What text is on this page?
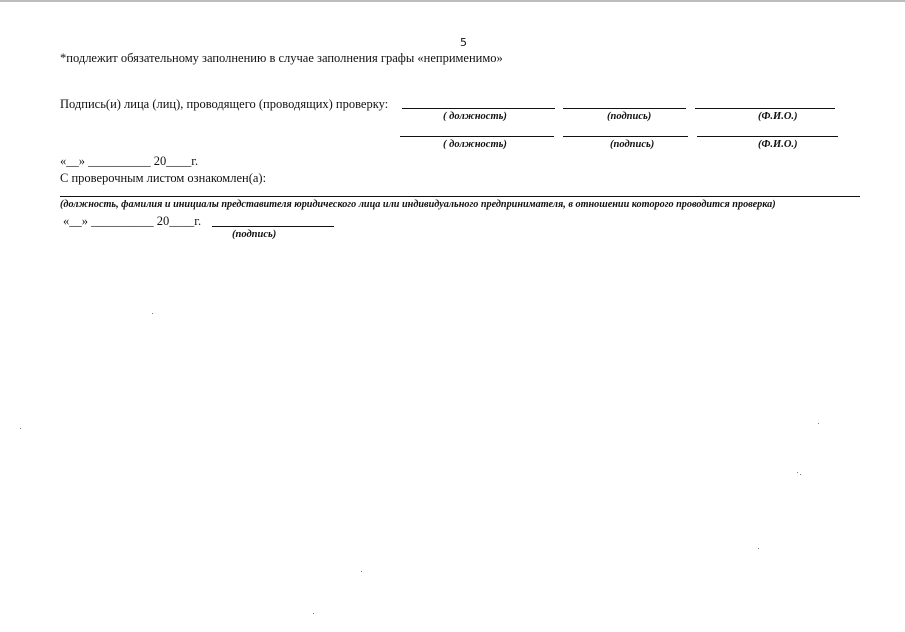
5
*подлежит обязательному заполнению в случае заполнения графы «неприменимо»
Подпись(и) лица (лиц), проводящего (проводящих) проверку:
( должность)	(подпись)	(Ф.И.О.)
( должность)	(подпись)	(Ф.И.О.)
«__» __________ 20____г.
С проверочным листом ознакомлен(а):
(должность, фамилия и инициалы представителя юридического лица или индивидуального предпринимателя, в отношении которого проводится проверка)
«__» __________ 20____г.
(подпись)
